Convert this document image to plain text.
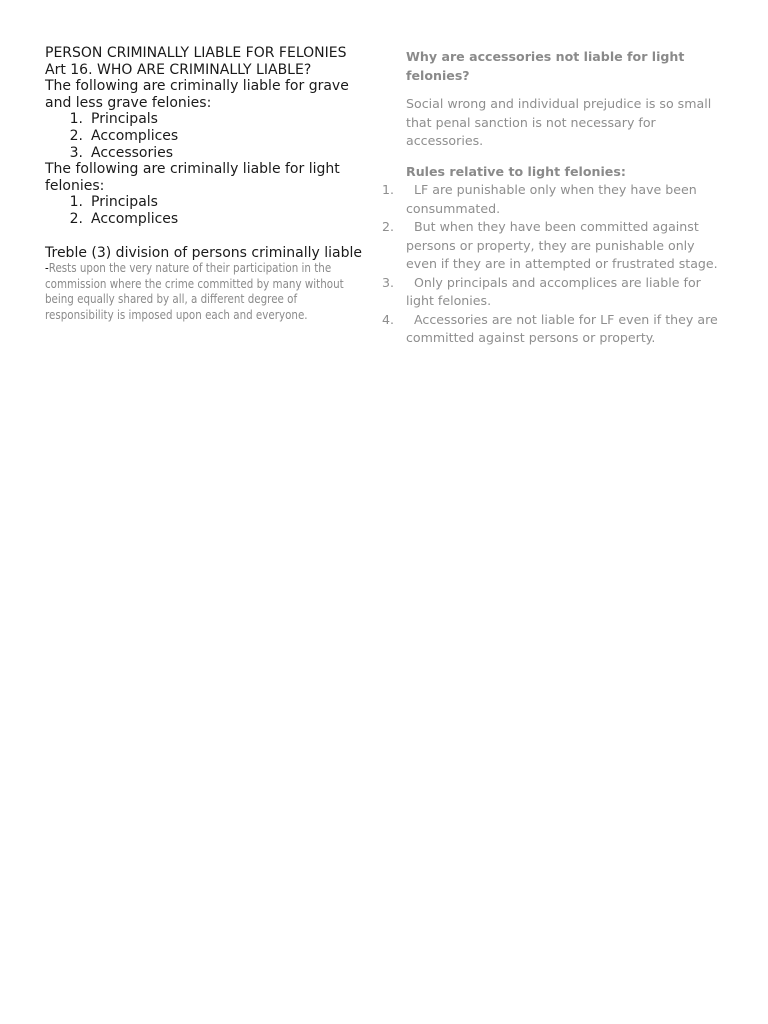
PERSON CRIMINALLY LIABLE FOR FELONIES
Art 16. WHO ARE CRIMINALLY LIABLE?
The following are criminally liable for grave and less grave felonies:
1. Principals
2. Accomplices
3. Accessories
The following are criminally liable for light felonies:
1. Principals
2. Accomplices
Treble (3) division of persons criminally liable
-Rests upon the very nature of their participation in the commission where the crime committed by many without being equally shared by all, a different degree of responsibility is imposed upon each and everyone.
Why are accessories not liable for light felonies?
Social wrong and individual prejudice is so small that penal sanction is not necessary for accessories.
Rules relative to light felonies:
1.	LF are punishable only when they have been consummated.
2.	But when they have been committed against persons or property, they are punishable only even if they are in attempted or frustrated stage.
3.	Only principals and accomplices are liable for light felonies.
4.	Accessories are not liable for LF even if they are committed against persons or property.
